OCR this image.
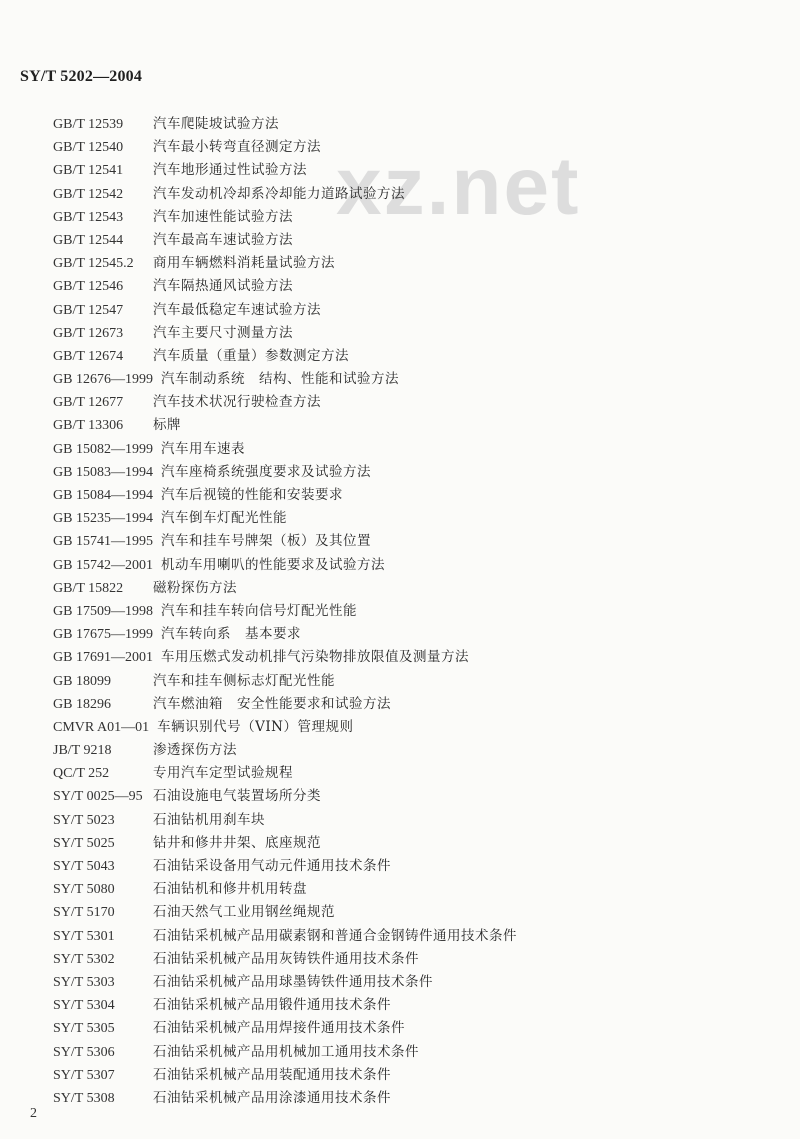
SY/T 5202—2004
xz.net
GB/T 12539	汽车爬陡坡试验方法
GB/T 12540	汽车最小转弯直径测定方法
GB/T 12541	汽车地形通过性试验方法
GB/T 12542	汽车发动机冷却系冷却能力道路试验方法
GB/T 12543	汽车加速性能试验方法
GB/T 12544	汽车最高车速试验方法
GB/T 12545.2	商用车辆燃料消耗量试验方法
GB/T 12546	汽车隔热通风试验方法
GB/T 12547	汽车最低稳定车速试验方法
GB/T 12673	汽车主要尺寸测量方法
GB/T 12674	汽车质量（重量）参数测定方法
GB 12676—1999 汽车制动系统　结构、性能和试验方法
GB/T 12677	汽车技术状况行驶检查方法
GB/T 13306	标牌
GB 15082—1999 汽车用车速表
GB 15083—1994 汽车座椅系统强度要求及试验方法
GB 15084—1994 汽车后视镜的性能和安装要求
GB 15235—1994 汽车倒车灯配光性能
GB 15741—1995 汽车和挂车号牌架（板）及其位置
GB 15742—2001 机动车用喇叭的性能要求及试验方法
GB/T 15822	磁粉探伤方法
GB 17509—1998 汽车和挂车转向信号灯配光性能
GB 17675—1999 汽车转向系　基本要求
GB 17691—2001 车用压燃式发动机排气污染物排放限值及测量方法
GB 18099	汽车和挂车侧标志灯配光性能
GB 18296	汽车燃油箱　安全性能要求和试验方法
CMVR A01—01 车辆识别代号（VIN）管理规则
JB/T 9218	渗透探伤方法
QC/T 252	专用汽车定型试验规程
SY/T 0025—95 石油设施电气装置场所分类
SY/T 5023	石油钻机用刹车块
SY/T 5025	钻井和修井井架、底座规范
SY/T 5043	石油钻采设备用气动元件通用技术条件
SY/T 5080	石油钻机和修井机用转盘
SY/T 5170	石油天然气工业用钢丝绳规范
SY/T 5301	石油钻采机械产品用碳素钢和普通合金钢铸件通用技术条件
SY/T 5302	石油钻采机械产品用灰铸铁件通用技术条件
SY/T 5303	石油钻采机械产品用球墨铸铁件通用技术条件
SY/T 5304	石油钻采机械产品用锻件通用技术条件
SY/T 5305	石油钻采机械产品用焊接件通用技术条件
SY/T 5306	石油钻采机械产品用机械加工通用技术条件
SY/T 5307	石油钻采机械产品用装配通用技术条件
SY/T 5308	石油钻采机械产品用涂漆通用技术条件
2
